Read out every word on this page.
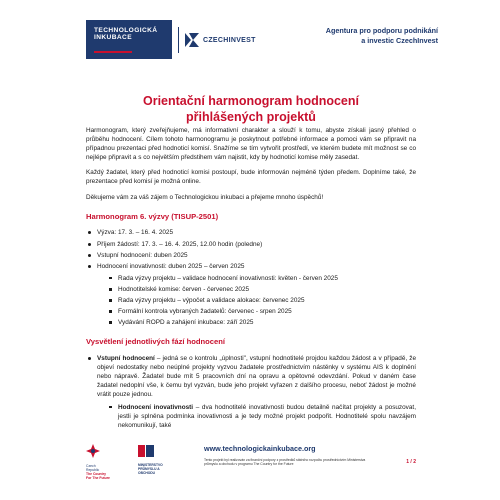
TECHNOLOGICKÁ
INKUBACE	CZECHINVEST
Agentura pro podporu podnikání
a investic CzechInvest
Orientační harmonogram hodnocení
přihlášených projektů

Harmonogram, který zveřejňujeme, má informativní charakter a slouží k tomu, abyste získali jasný přehled o průběhu hodnocení. Cílem tohoto harmonogramu je poskytnout potřebné informace a pomoci vám se připravit na případnou prezentaci před hodnoticí komisí. Snažíme se tím vytvořit prostředí, ve kterém budete mít možnost se co nejlépe připravit a s co největším předstihem vám najistit, kdy by hodnoticí komise měly zasedat.

Každý žadatel, který před hodnoticí komisi postoupí, bude informován nejméně týden předem. Doplníme také, že prezentace před komisí je možná online.

Děkujeme vám za váš zájem o Technologickou inkubaci a přejeme mnoho úspěchů!

Harmonogram 6. výzvy (TISUP-2501)
Výzva: 17. 3. – 16. 4. 2025
Příjem žádostí: 17. 3. – 16. 4. 2025, 12.00 hodin (poledne)
Vstupní hodnocení: duben 2025
Hodnocení inovativnosti: duben 2025 – červen 2025
Rada výzvy projektu – validace hodnocení inovativnosti: květen - červen 2025
Hodnotitelské komise: červen - červenec 2025
Rada výzvy projektu – výpočet a validace alokace: červenec 2025
Formální kontrola vybraných žadatelů: červenec - srpen 2025
Vydávání ROPD a zahájení inkubace: září 2025
Vysvětlení jednotlivých fází hodnocení
Vstupní hodnocení – jedná se o kontrolu „úplnosti", vstupní hodnotitelé projdou každou žádost a v případě, že objeví nedostatky nebo neúplné projekty vyzvou žadatele prostřednictvím nástěnky v systému AIS k doplnění nebo nápravě. Žadatel bude mít 5 pracovních dní na opravu a opětovné odevzdání. Pokud v daném čase žadatel nedoplní vše, k čemu byl vyzván, bude jeho projekt vyřazen z dalšího procesu, neboť žádost je možné vrátit pouze jednou.
Hodnocení inovativnosti – dva hodnotitelé inovativnosti budou detailně načítat projekty a posuzovat, jestli je splněna podmínka inovativnosti a je tedy možné projekt podpořit. Hodnotitelé spolu navzájem nekomunikují, také
Czech
Republic
The Country
For The Future
MINISTERSTVO
PRŮMYSLU A OBCHODU
www.technologickainkubace.org
Tento projekt byl realizován za finanční podpory z prostředků státního rozpočtu prostřednictvím Ministerstva průmyslu a obchodu v programu The Country for the Future	1 / 2
